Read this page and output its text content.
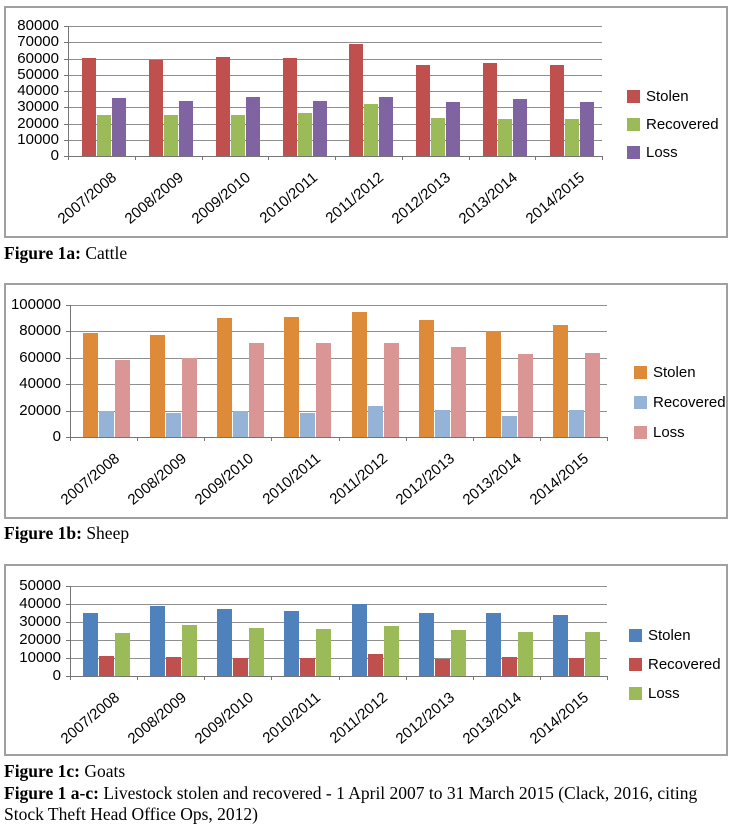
80000
70000
60000
50000
40000
30000
20000
10000
0
2007/2008 2008/2009 2009/2010 2010/2011 2011/2012 2012/2013 2013/2014 2014/2015
Stolen
Recovered
Loss

Figure 1a: Cattle

100000
80000
60000
40000
20000
0
2007/2008 2008/2009 2009/2010 2010/2011 2011/2012 2012/2013 2013/2014 2014/2015
Stolen
Recovered
Loss

Figure 1b: Sheep

50000
40000
30000
20000
10000
0
2007/2008 2008/2009 2009/2010 2010/2011 2011/2012 2012/2013 2013/2014 2014/2015
Stolen
Recovered
Loss

Figure 1c: Goats

Figure 1 a-c: Livestock stolen and recovered - 1 April 2007 to 31 March 2015 (Clack, 2016, citing Stock Theft Head Office Ops, 2012)
